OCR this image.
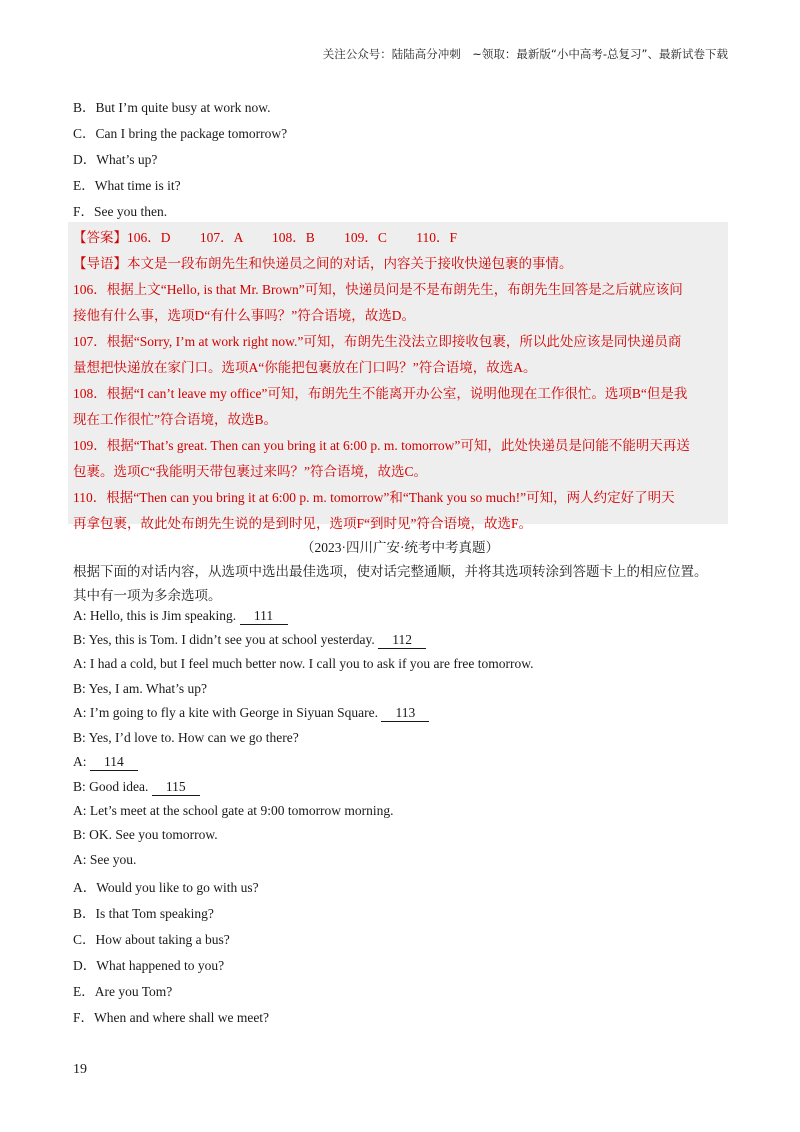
关注公众号：陆陆高分冲刺　~领取：最新版“小中高考-总复习”、最新试卷下载
B．But I’m quite busy at work now.
C．Can I bring the package tomorrow?
D．What’s up?
E．What time is it?
F．See you then.
【答案】106．D 107．A 108．B 109．C 110．F
【导语】本文是一段布朗先生和快递员之间的对话，内容关于接收快递包裹的事情。
106．根据上文“Hello, is that Mr. Brown”可知，快递员问是不是布朗先生，布朗先生回答是之后就应该问
接他有什么事，选项D“有什么事吗？”符合语境，故选D。
107．根据“Sorry, I’m at work right now.”可知，布朗先生没法立即接收包裹，所以此处应该是同快递员商
量想把快递放在家门口。选项A“你能把包裹放在门口吗？”符合语境，故选A。
108．根据“I can’t leave my office”可知，布朗先生不能离开办公室，说明他现在工作很忙。选项B“但是我
现在工作很忙”符合语境，故选B。
109．根据“That’s great. Then can you bring it at 6:00 p. m. tomorrow”可知，此处快递员是问能不能明天再送
包裹。选项C“我能明天带包裹过来吗？”符合语境，故选C。
110．根据“Then can you bring it at 6:00 p. m. tomorrow”和“Thank you so much!”可知，两人约定好了明天
再拿包裹，故此处布朗先生说的是到时见，选项F“到时见”符合语境，故选F。
（2023·四川广安·统考中考真题）
根据下面的对话内容，从选项中选出最佳选项，使对话完整通顺，并将其选项转涂到答题卡上的相应位置。
其中有一项为多余选项。
A: Hello, this is Jim speaking. 111
B: Yes, this is Tom. I didn’t see you at school yesterday. 112
A: I had a cold, but I feel much better now. I call you to ask if you are free tomorrow.
B: Yes, I am. What’s up?
A: I’m going to fly a kite with George in Siyuan Square. 113
B: Yes, I’d love to. How can we go there?
A: 114
B: Good idea. 115
A: Let’s meet at the school gate at 9:00 tomorrow morning.
B: OK. See you tomorrow.
A: See you.
A．Would you like to go with us?
B．Is that Tom speaking?
C．How about taking a bus?
D．What happened to you?
E．Are you Tom?
F．When and where shall we meet?
19
